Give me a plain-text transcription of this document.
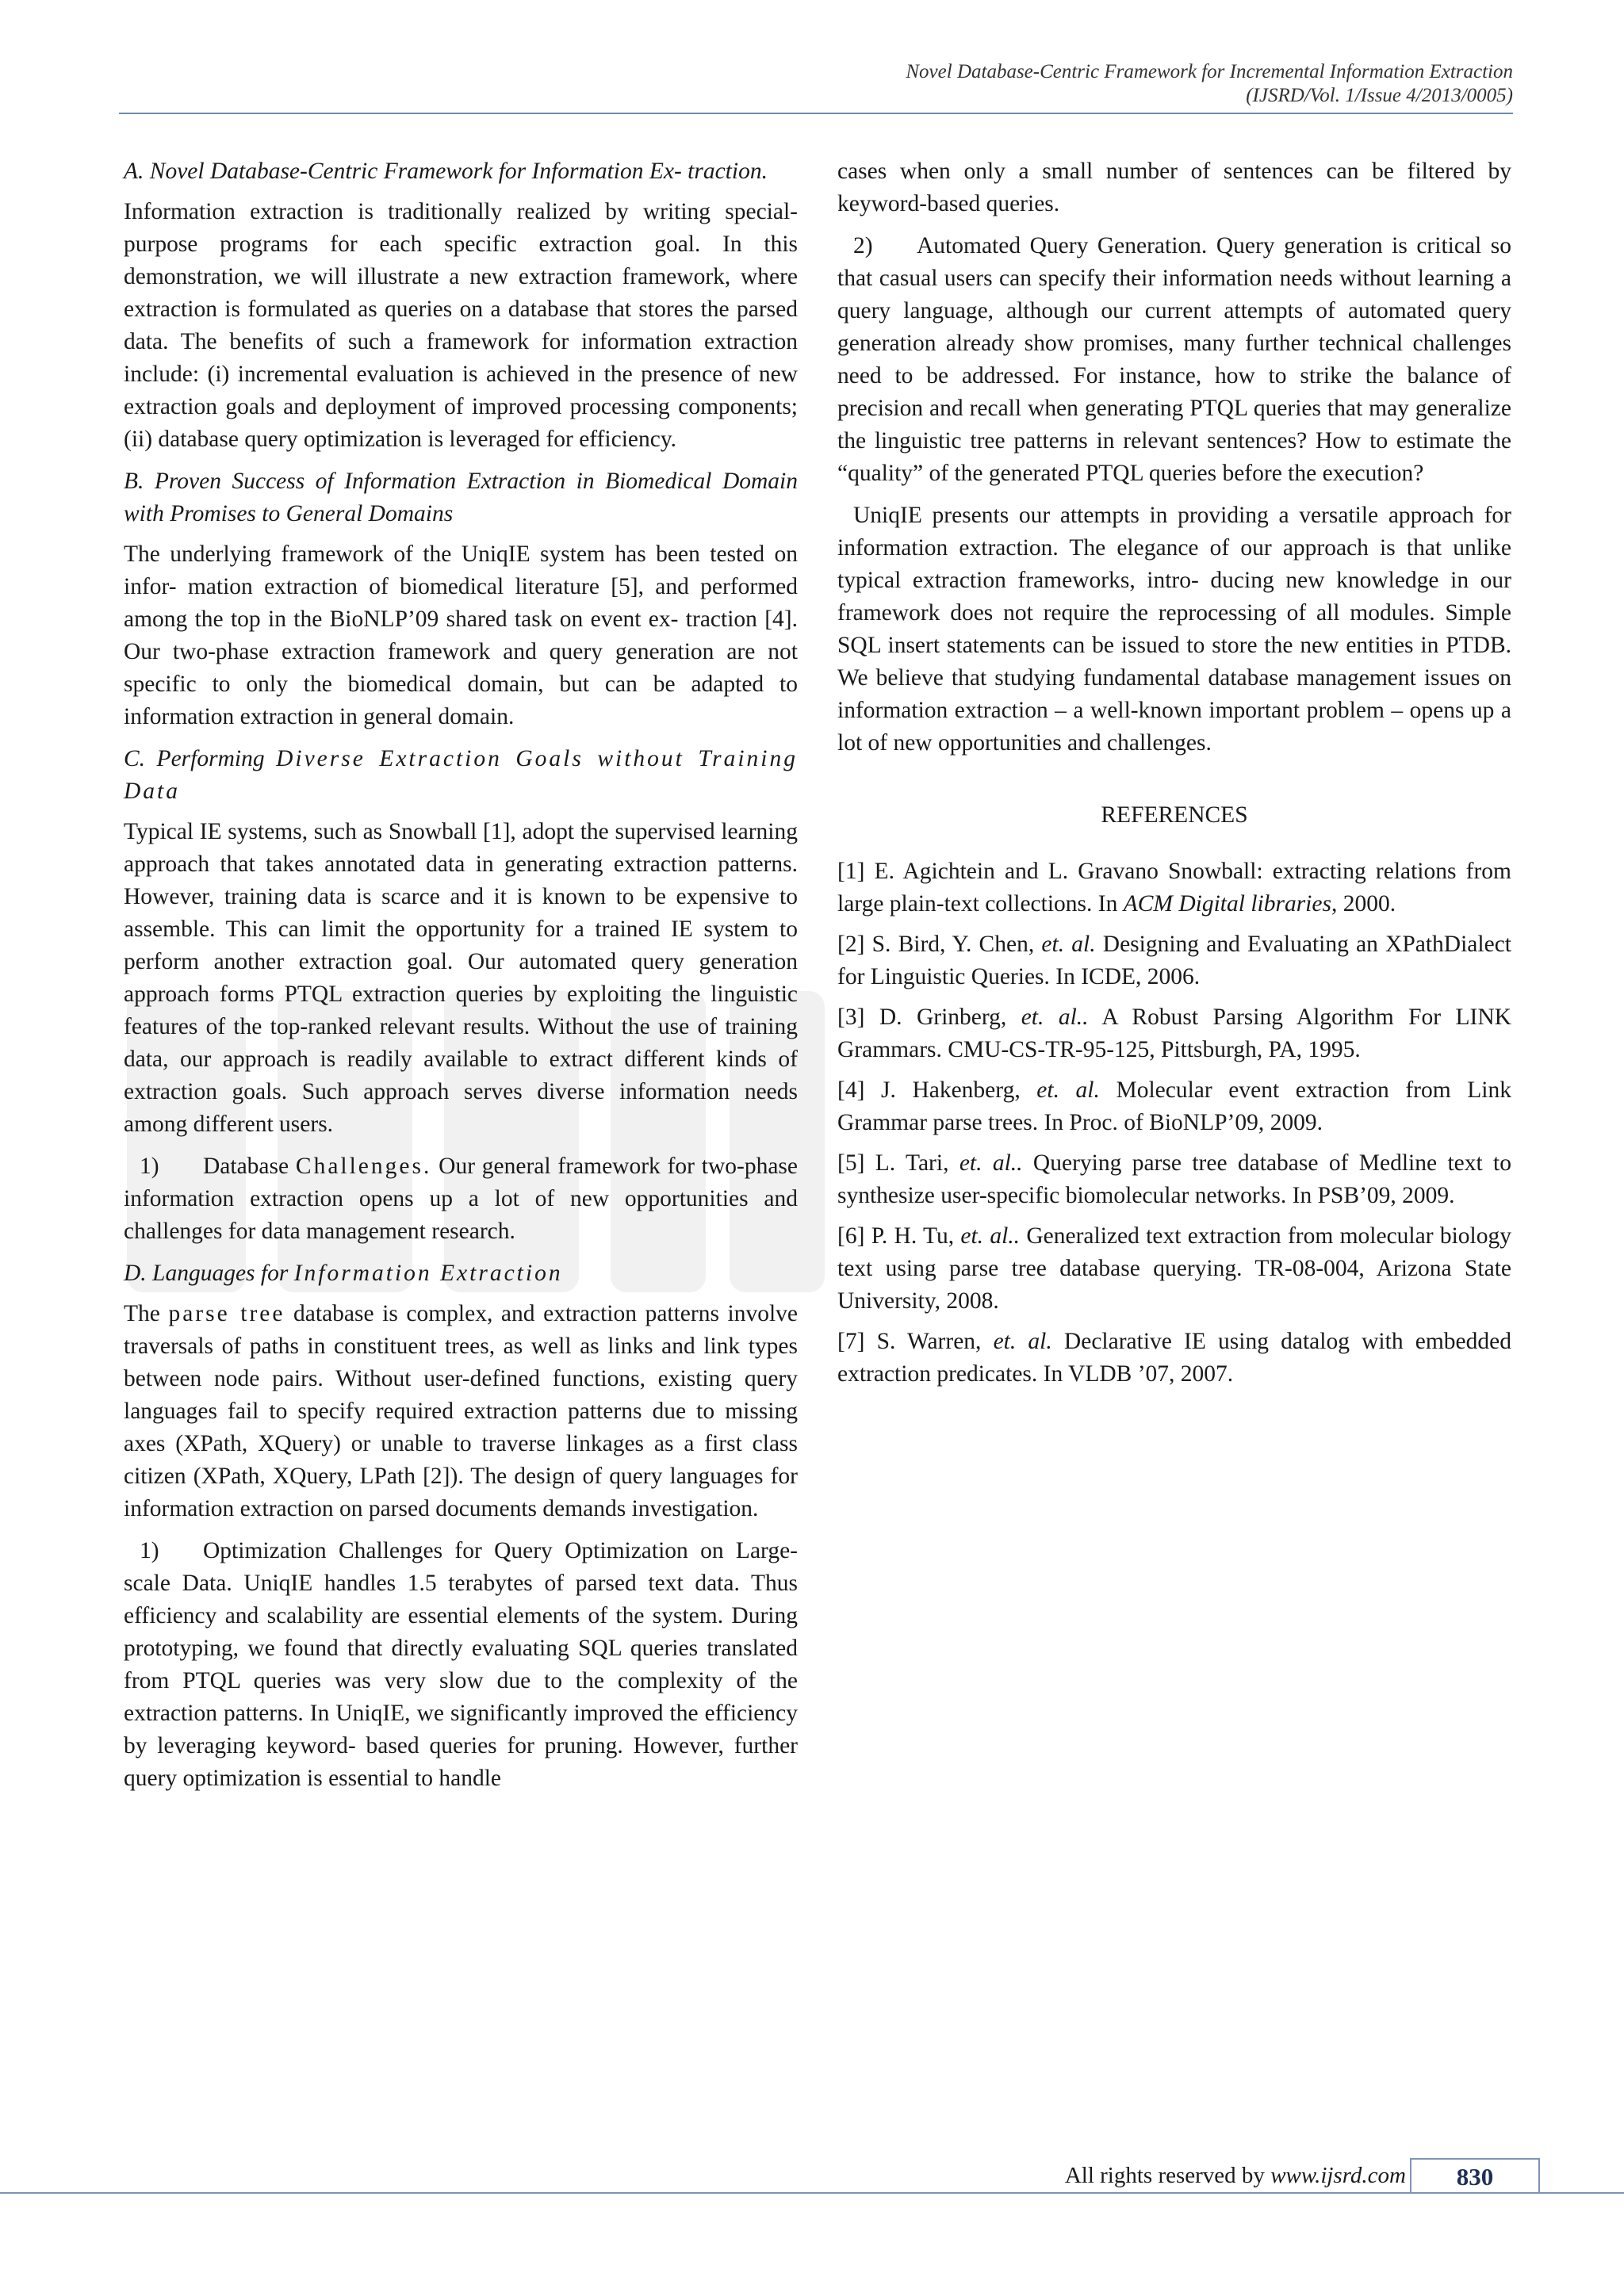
Novel Database-Centric Framework for Incremental Information Extraction
(IJSRD/Vol. 1/Issue 4/2013/0005)

A. Novel Database-Centric Framework for Information Ex- traction.

Information extraction is traditionally realized by writing special-purpose programs for each specific extraction goal. In this demonstration, we will illustrate a new extraction framework, where extraction is formulated as queries on a database that stores the parsed data. The benefits of such a framework for information extraction include: (i) incremental evaluation is achieved in the presence of new extraction goals and deployment of improved processing components; (ii) database query optimization is leveraged for efficiency.

B. Proven Success of Information Extraction in Biomedical Domain with Promises to General Domains

The underlying framework of the UniqIE system has been tested on infor- mation extraction of biomedical literature [5], and performed among the top in the BioNLP’09 shared task on event ex- traction [4]. Our two-phase extraction framework and query generation are not specific to only the biomedical domain, but can be adapted to information extraction in general domain.

C. Performing Diverse Extraction Goals without Training Data

Typical IE systems, such as Snowball [1], adopt the supervised learning approach that takes annotated data in generating extraction patterns. However, training data is scarce and it is known to be expensive to assemble. This can limit the opportunity for a trained IE system to perform another extraction goal. Our automated query generation approach forms PTQL extraction queries by exploiting the linguistic features of the top-ranked relevant results. Without the use of training data, our approach is readily available to extract different kinds of extraction goals. Such approach serves diverse information needs among different users.

1) Database Challenges. Our general framework for two-phase information extraction opens up a lot of new opportunities and challenges for data management research.

D. Languages for Information Extraction

The parse tree database is complex, and extraction patterns involve traversals of paths in constituent trees, as well as links and link types between node pairs. Without user-defined functions, existing query languages fail to specify required extraction patterns due to missing axes (XPath, XQuery) or unable to traverse linkages as a first class citizen (XPath, XQuery, LPath [2]). The design of query languages for information extraction on parsed documents demands investigation.

1) Optimization Challenges for Query Optimization on Large- scale Data. UniqIE handles 1.5 terabytes of parsed text data. Thus efficiency and scalability are essential elements of the system. During prototyping, we found that directly evaluating SQL queries translated from PTQL queries was very slow due to the complexity of the extraction patterns. In UniqIE, we significantly improved the efficiency by leveraging keyword- based queries for pruning. However, further query optimization is essential to handle

cases when only a small number of sentences can be filtered by keyword-based queries.

2) Automated Query Generation. Query generation is critical so that casual users can specify their information needs without learning a query language, although our current attempts of automated query generation already show promises, many further technical challenges need to be addressed. For instance, how to strike the balance of precision and recall when generating PTQL queries that may generalize the linguistic tree patterns in relevant sentences? How to estimate the “quality” of the generated PTQL queries before the execution?

UniqIE presents our attempts in providing a versatile approach for information extraction. The elegance of our approach is that unlike typical extraction frameworks, intro- ducing new knowledge in our framework does not require the reprocessing of all modules. Simple SQL insert statements can be issued to store the new entities in PTDB. We believe that studying fundamental database management issues on information extraction – a well-known important problem – opens up a lot of new opportunities and challenges.

REFERENCES

[1] E. Agichtein and L. Gravano Snowball: extracting relations from large plain-text collections. In ACM Digital libraries, 2000.

[2] S. Bird, Y. Chen, et. al. Designing and Evaluating an XPathDialect for Linguistic Queries. In ICDE, 2006.

[3] D. Grinberg, et. al.. A Robust Parsing Algorithm For LINK Grammars. CMU-CS-TR-95-125, Pittsburgh, PA, 1995.

[4] J. Hakenberg, et. al. Molecular event extraction from Link Grammar parse trees. In Proc. of BioNLP’09, 2009.

[5] L. Tari, et. al.. Querying parse tree database of Medline text to synthesize user-specific biomolecular networks. In PSB’09, 2009.

[6] P. H. Tu, et. al.. Generalized text extraction from molecular biology text using parse tree database querying. TR-08-004, Arizona State University, 2008.

[7] S. Warren, et. al. Declarative IE using datalog with embedded extraction predicates. In VLDB ’07, 2007.

All rights reserved by www.ijsrd.com	830
